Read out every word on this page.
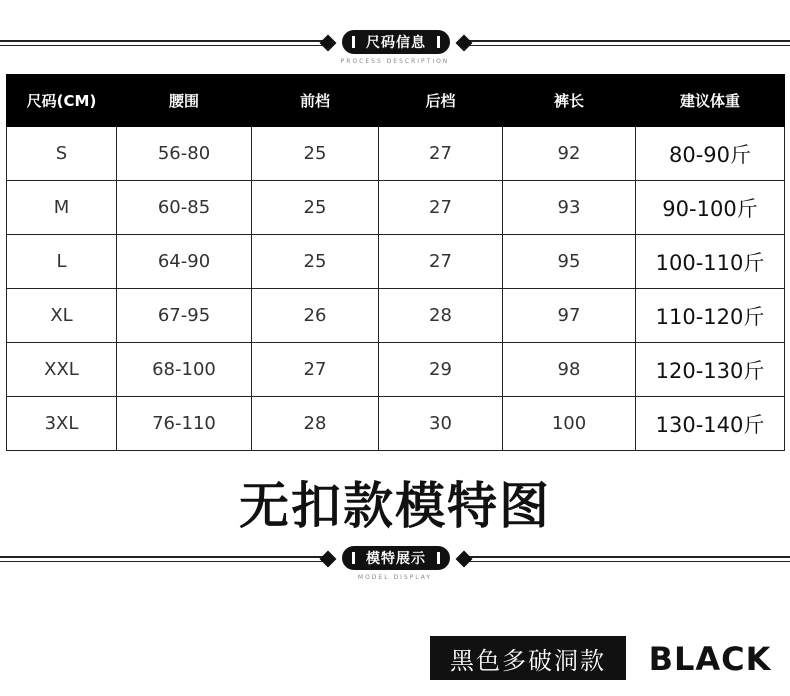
尺码信息
PROCESS DESCRIPTION
尺码(CM)	腰围	前档	后档	裤长	建议体重
S	56-80	25	27	92	80-90斤
M	60-85	25	27	93	90-100斤
L	64-90	25	27	95	100-110斤
XL	67-95	26	28	97	110-120斤
XXL	68-100	27	29	98	120-130斤
3XL	76-110	28	30	100	130-140斤
无扣款模特图
模特展示
MODEL DISPLAY
黑色多破洞款	BLACK
